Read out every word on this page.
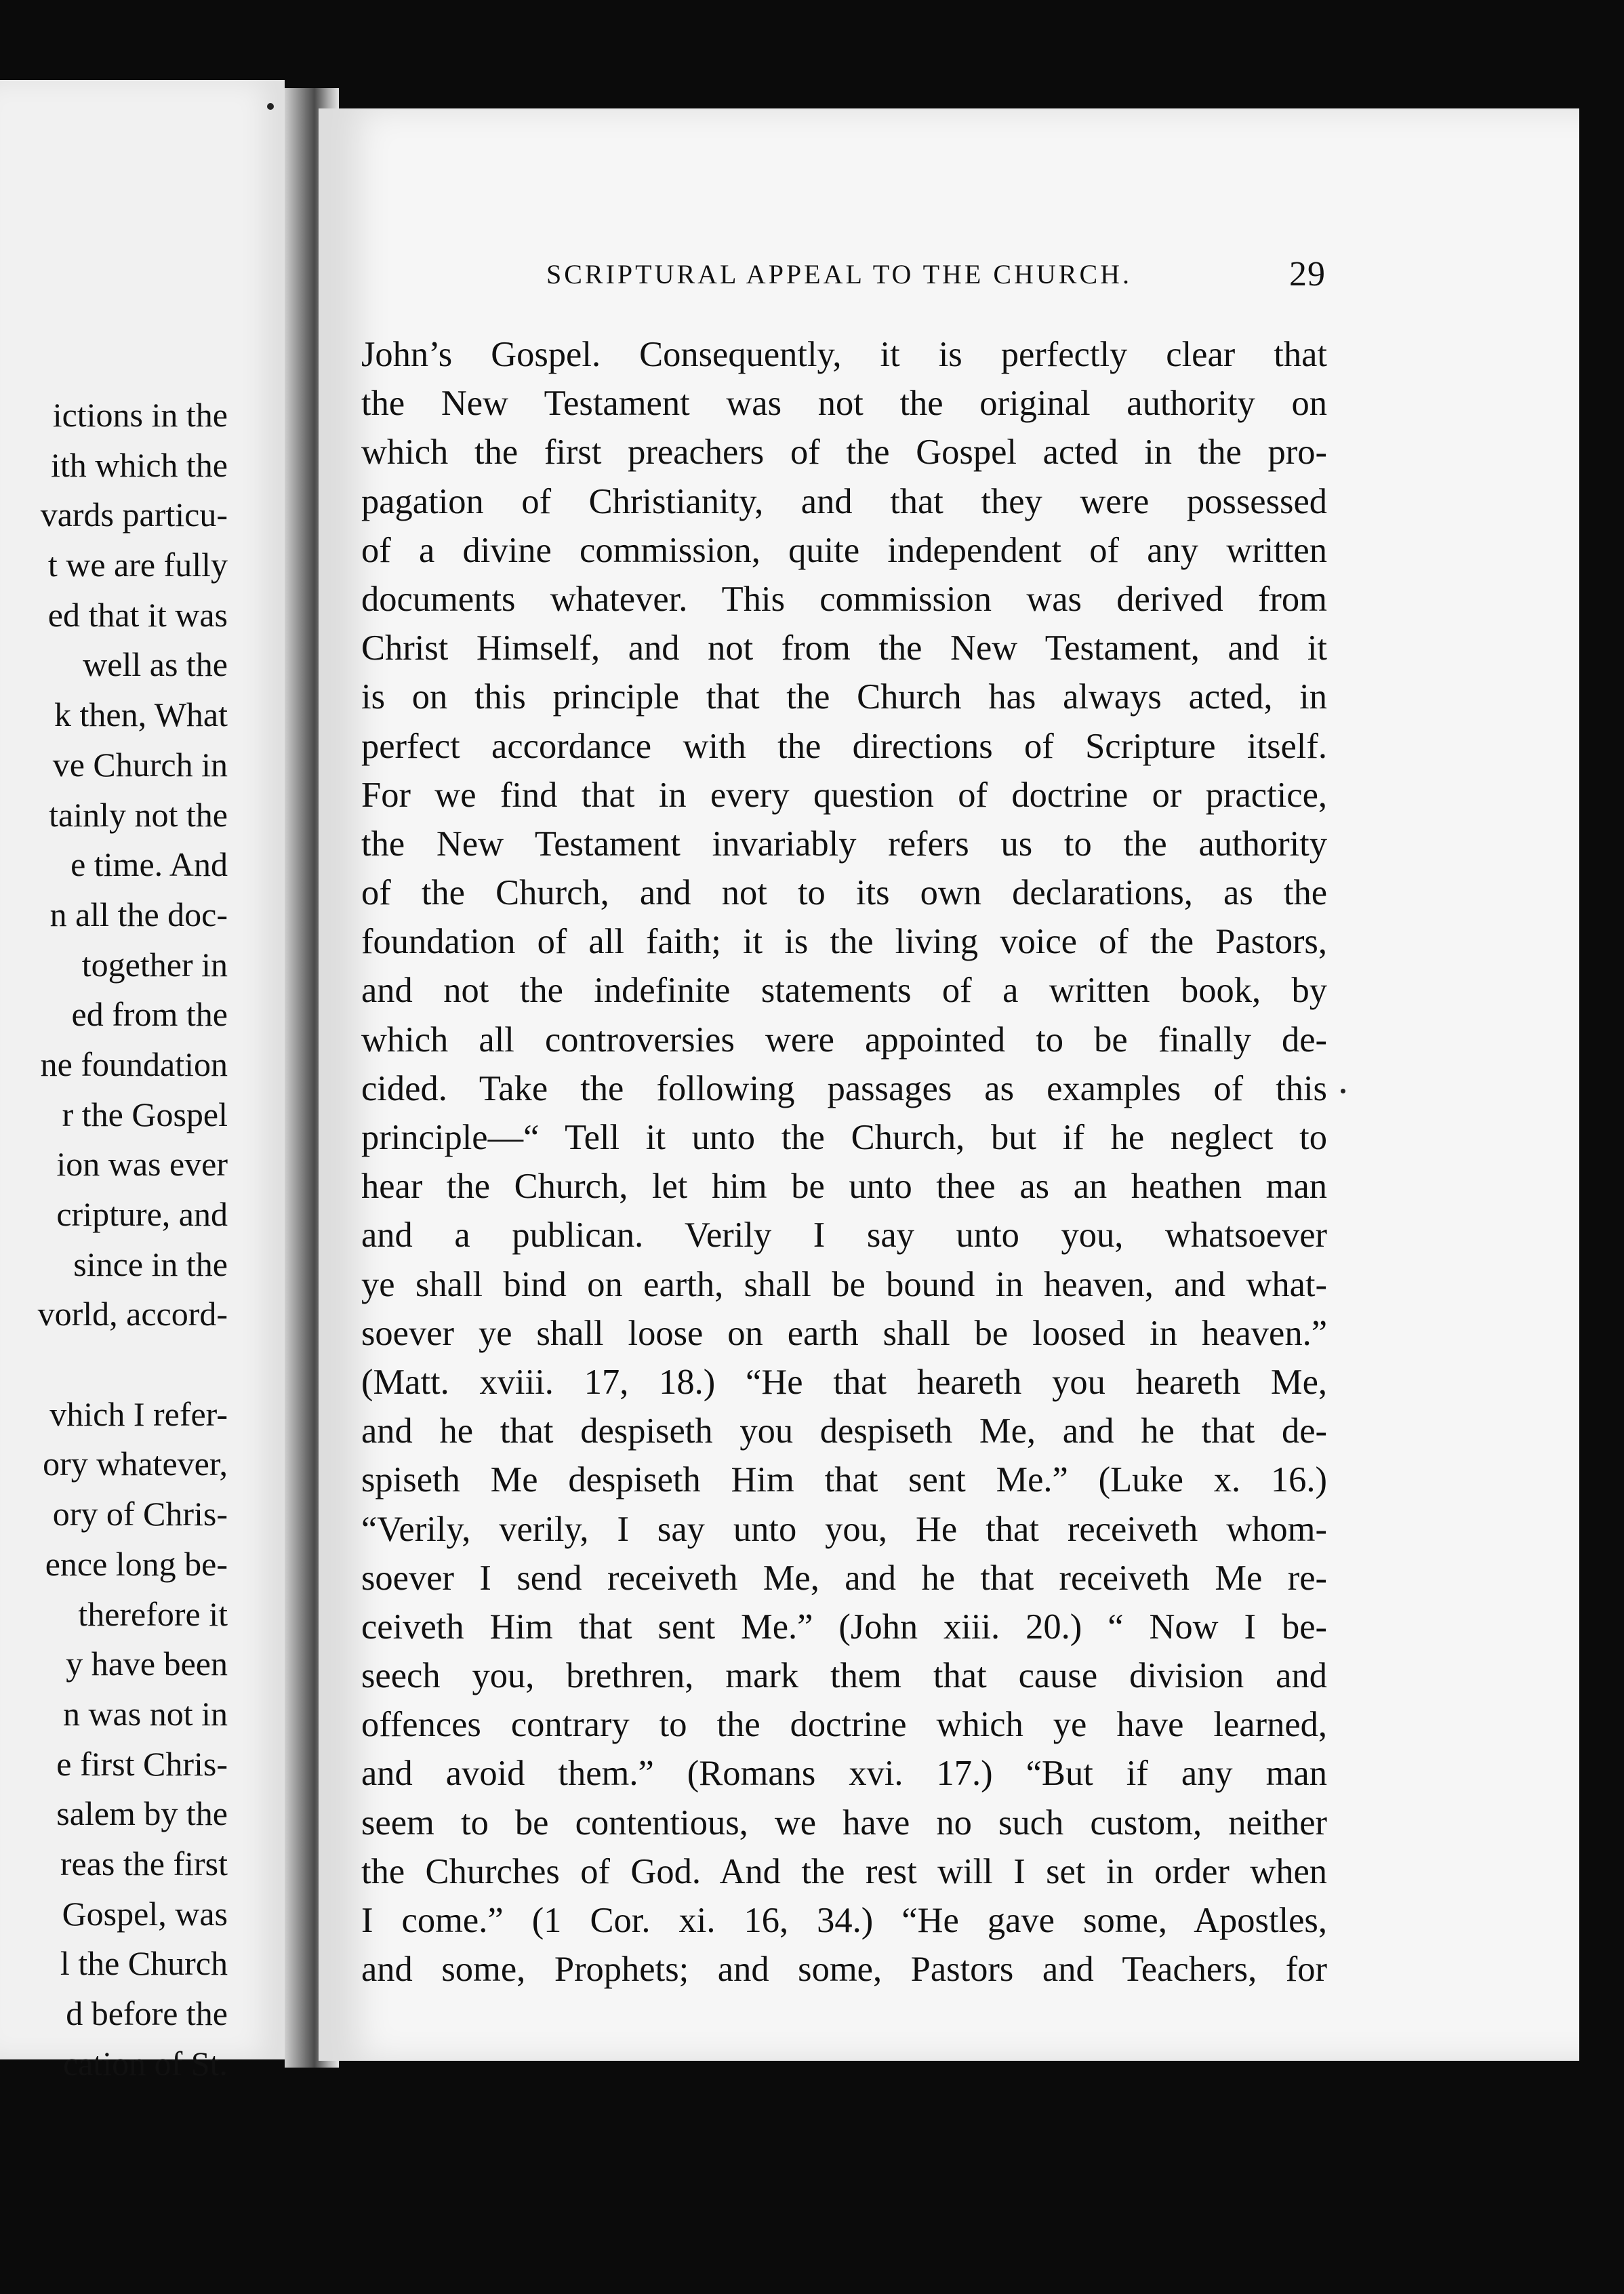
ictions in the
ith which the
vards particu-
t we are fully
ed that it was
well as the
k then, What
ve Church in
tainly not the
e time. And
n all the doc-
together in
ed from the
ne foundation
r the Gospel
ion was ever
cripture, and
since in the
vorld, accord-
vhich I refer-
ory whatever,
ory of Chris-
ence long be-
therefore it
y have been
n was not in
e first Chris-
salem by the
reas the first
Gospel, was
l the Church
d before the
cation of St.
SCRIPTURAL APPEAL TO THE CHURCH.	29
John’s Gospel. Consequently, it is perfectly clear that
the New Testament was not the original authority on
which the first preachers of the Gospel acted in the pro-
pagation of Christianity, and that they were possessed
of a divine commission, quite independent of any written
documents whatever. This commission was derived from
Christ Himself, and not from the New Testament, and it
is on this principle that the Church has always acted, in
perfect accordance with the directions of Scripture itself.
For we find that in every question of doctrine or practice,
the New Testament invariably refers us to the authority
of the Church, and not to its own declarations, as the
foundation of all faith; it is the living voice of the Pastors,
and not the indefinite statements of a written book, by
which all controversies were appointed to be finally de-
cided. Take the following passages as examples of this
principle—“ Tell it unto the Church, but if he neglect to
hear the Church, let him be unto thee as an heathen man
and a publican. Verily I say unto you, whatsoever
ye shall bind on earth, shall be bound in heaven, and what-
soever ye shall loose on earth shall be loosed in heaven.”
(Matt. xviii. 17, 18.) “He that heareth you heareth Me,
and he that despiseth you despiseth Me, and he that de-
spiseth Me despiseth Him that sent Me.” (Luke x. 16.)
“Verily, verily, I say unto you, He that receiveth whom-
soever I send receiveth Me, and he that receiveth Me re-
ceiveth Him that sent Me.” (John xiii. 20.) “ Now I be-
seech you, brethren, mark them that cause division and
offences contrary to the doctrine which ye have learned,
and avoid them.” (Romans xvi. 17.) “But if any man
seem to be contentious, we have no such custom, neither
the Churches of God. And the rest will I set in order when
I come.” (1 Cor. xi. 16, 34.) “He gave some, Apostles,
and some, Prophets; and some, Pastors and Teachers, for
